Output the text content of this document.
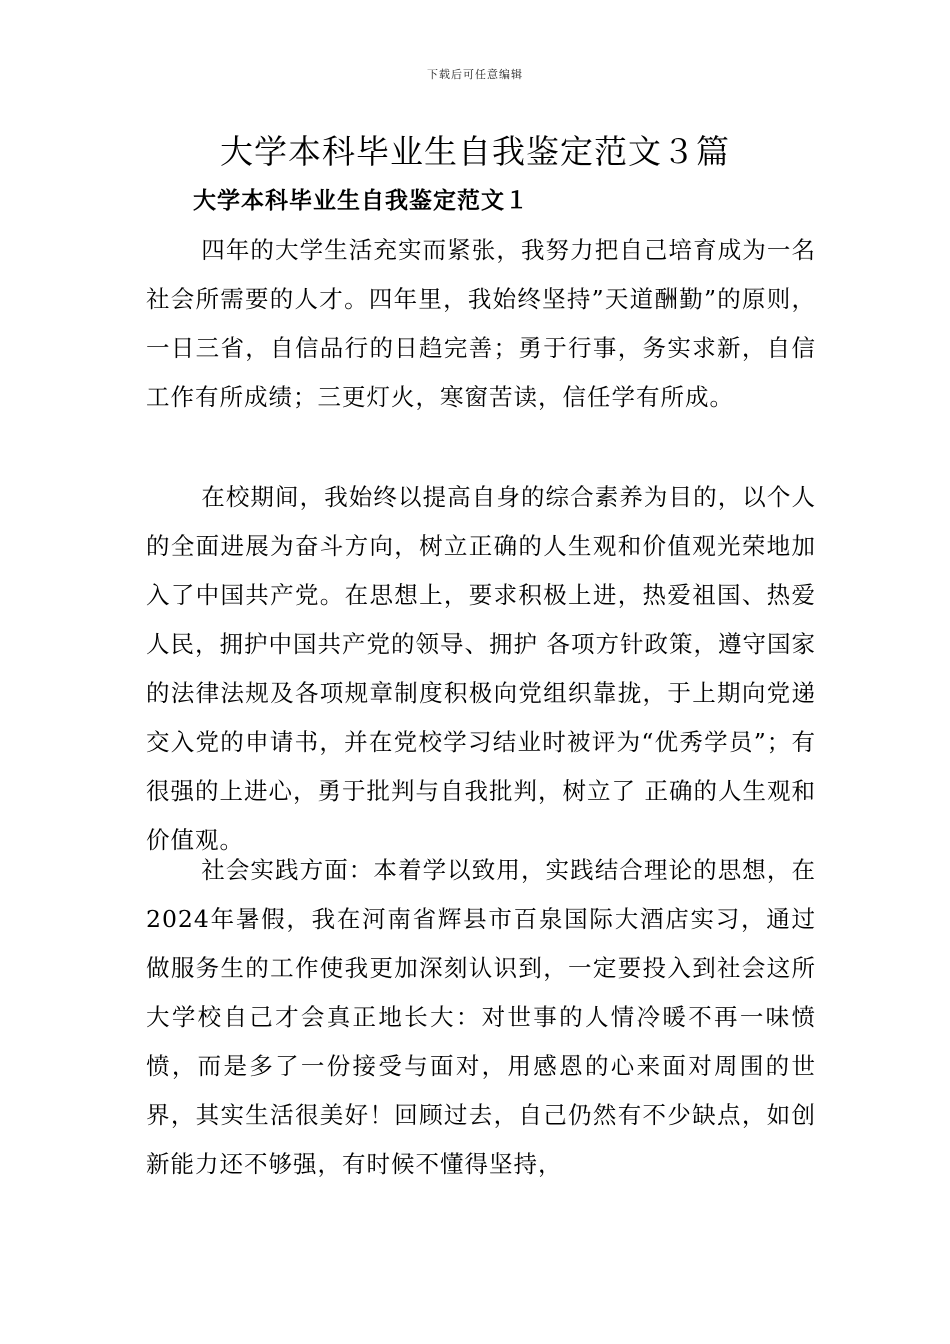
下载后可任意编辑
大学本科毕业生自我鉴定范文３篇
大学本科毕业生自我鉴定范文１

四年的大学生活充实而紧张，我努力把自己培育成为一名社会所需要的人才。四年里，我始终坚持”天道酬勤”的原则，一日三省，自信品行的日趋完善；勇于行事，务实求新，自信工作有所成绩；三更灯火，寒窗苦读，信任学有所成。

在校期间，我始终以提高自身的综合素养为目的，以个人的全面进展为奋斗方向，树立正确的人生观和价值观光荣地加入了中国共产党。在思想上，要求积极上进，热爱祖国、热爱人民，拥护中国共产党的领导、拥护 各项方针政策，遵守国家的法律法规及各项规章制度积极向党组织靠拢，于上期向党递交入党的申请书，并在党校学习结业时被评为“优秀学员”；有很强的上进心，勇于批判与自我批判，树立了 正确的人生观和价值观。

社会实践方面：本着学以致用，实践结合理论的思想，在2024年暑假，我在河南省辉县市百泉国际大酒店实习，通过做服务生的工作使我更加深刻认识到，一定要投入到社会这所大学校自己才会真正地长大：对世事的人情冷暖不再一味愤愤，而是多了一份接受与面对，用感恩的心来面对周围的世界，其实生活很美好！回顾过去，自己仍然有不少缺点，如创新能力还不够强，有时候不懂得坚持，
